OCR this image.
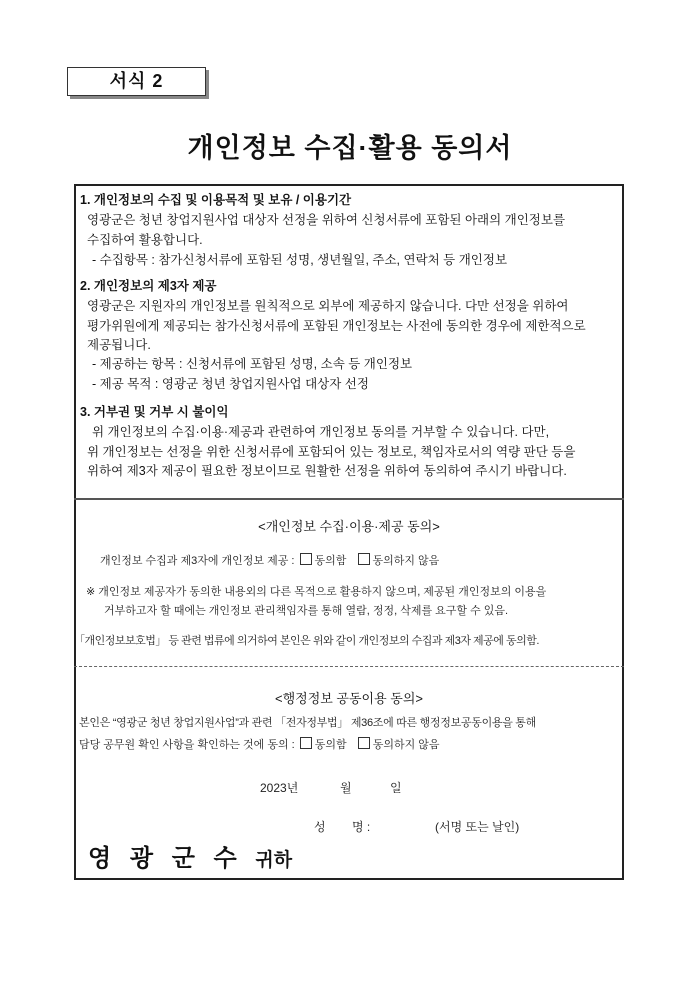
서식 2
개인정보 수집·활용 동의서
1. 개인정보의 수집 및 이용목적 및 보유 / 이용기간
영광군은 청년 창업지원사업 대상자 선정을 위하여 신청서류에 포함된 아래의 개인정보를
수집하여 활용합니다.
- 수집항목 : 참가신청서류에 포함된 성명, 생년월일, 주소, 연락처 등 개인정보
2. 개인정보의 제3자 제공
영광군은 지원자의 개인정보를 원칙적으로 외부에 제공하지 않습니다. 다만 선정을 위하여
평가위원에게 제공되는 참가신청서류에 포함된 개인정보는 사전에 동의한 경우에 제한적으로
제공됩니다.
- 제공하는 항목 : 신청서류에 포함된 성명, 소속 등 개인정보
- 제공 목적 : 영광군 청년 창업지원사업 대상자 선정
3. 거부권 및 거부 시 불이익
위 개인정보의 수집·이용·제공과 관련하여 개인정보 동의를 거부할 수 있습니다. 다만,
위 개인정보는 선정을 위한 신청서류에 포함되어 있는 정보로, 책임자로서의 역량 판단 등을
위하여 제3자 제공이 필요한 정보이므로 원활한 선정을 위하여 동의하여 주시기 바랍니다.
<개인정보 수집·이용·제공 동의>
개인정보 수집과 제3자에 개인정보 제공 : 동의함 동의하지 않음
※ 개인정보 제공자가 동의한 내용외의 다른 목적으로 활용하지 않으며, 제공된 개인정보의 이용을
거부하고자 할 때에는 개인정보 관리책임자를 통해 열람, 정정, 삭제를 요구할 수 있음.
「개인정보보호법」 등 관련 법류에 의거하여 본인은 위와 같이 개인정보의 수집과 제3자 제공에 동의함.
<행정정보 공동이용 동의>
본인은 “영광군 청년 창업지원사업”과 관련 「전자정부법」 제36조에 따른 행정정보공동이용을 통해
담당 공무원 확인 사항을 확인하는 것에 동의 : 동의함 동의하지 않음
2023년	월	일
성 명 :	(서명 또는 날인)
영 광 군 수 귀하
